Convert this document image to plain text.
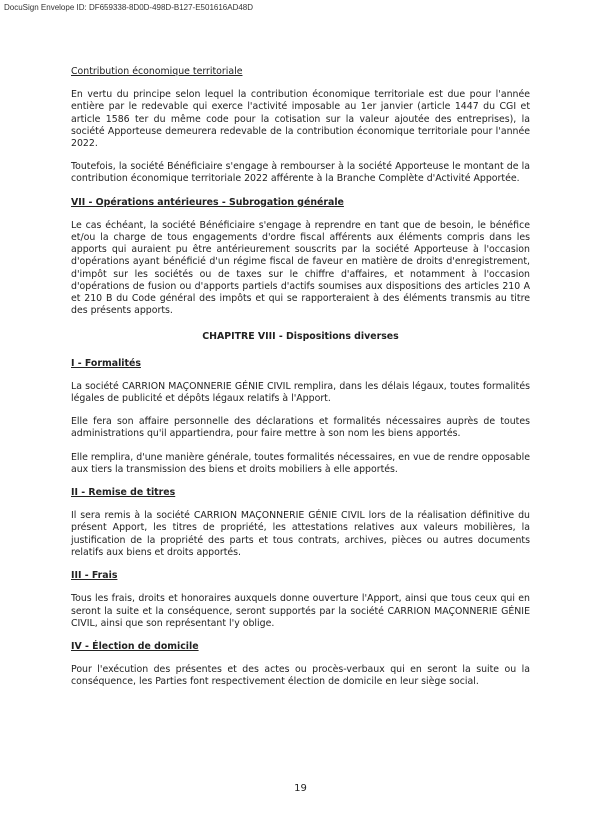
DocuSign Envelope ID: DF659338-8D0D-498D-B127-E501616AD48D
Contribution économique territoriale

En vertu du principe selon lequel la contribution économique territoriale est due pour l'année entière par le redevable qui exerce l'activité imposable au 1er janvier (article 1447 du CGI et article 1586 ter du même code pour la cotisation sur la valeur ajoutée des entreprises), la société Apporteuse demeurera redevable de la contribution économique territoriale pour l'année 2022.

Toutefois, la société Bénéficiaire s'engage à rembourser à la société Apporteuse le montant de la contribution économique territoriale 2022 afférente à la Branche Complète d'Activité Apportée.

VII - Opérations antérieures - Subrogation générale

Le cas échéant, la société Bénéficiaire s'engage à reprendre en tant que de besoin, le bénéfice et/ou la charge de tous engagements d'ordre fiscal afférents aux éléments compris dans les apports qui auraient pu être antérieurement souscrits par la société Apporteuse à l'occasion d'opérations ayant bénéficié d'un régime fiscal de faveur en matière de droits d'enregistrement, d'impôt sur les sociétés ou de taxes sur le chiffre d'affaires, et notamment à l'occasion d'opérations de fusion ou d'apports partiels d'actifs soumises aux dispositions des articles 210 A et 210 B du Code général des impôts et qui se rapporteraient à des éléments transmis au titre des présents apports.

CHAPITRE VIII - Dispositions diverses
I - Formalités

La société CARRION MAÇONNERIE GÉNIE CIVIL remplira, dans les délais légaux, toutes formalités légales de publicité et dépôts légaux relatifs à l'Apport.

Elle fera son affaire personnelle des déclarations et formalités nécessaires auprès de toutes administrations qu'il appartiendra, pour faire mettre à son nom les biens apportés.

Elle remplira, d'une manière générale, toutes formalités nécessaires, en vue de rendre opposable aux tiers la transmission des biens et droits mobiliers à elle apportés.

II - Remise de titres

Il sera remis à la société CARRION MAÇONNERIE GÉNIE CIVIL lors de la réalisation définitive du présent Apport, les titres de propriété, les attestations relatives aux valeurs mobilières, la justification de la propriété des parts et tous contrats, archives, pièces ou autres documents relatifs aux biens et droits apportés.

III - Frais

Tous les frais, droits et honoraires auxquels donne ouverture l'Apport, ainsi que tous ceux qui en seront la suite et la conséquence, seront supportés par la société CARRION MAÇONNERIE GÉNIE CIVIL, ainsi que son représentant l'y oblige.

IV - Élection de domicile

Pour l'exécution des présentes et des actes ou procès-verbaux qui en seront la suite ou la conséquence, les Parties font respectivement élection de domicile en leur siège social.

19
